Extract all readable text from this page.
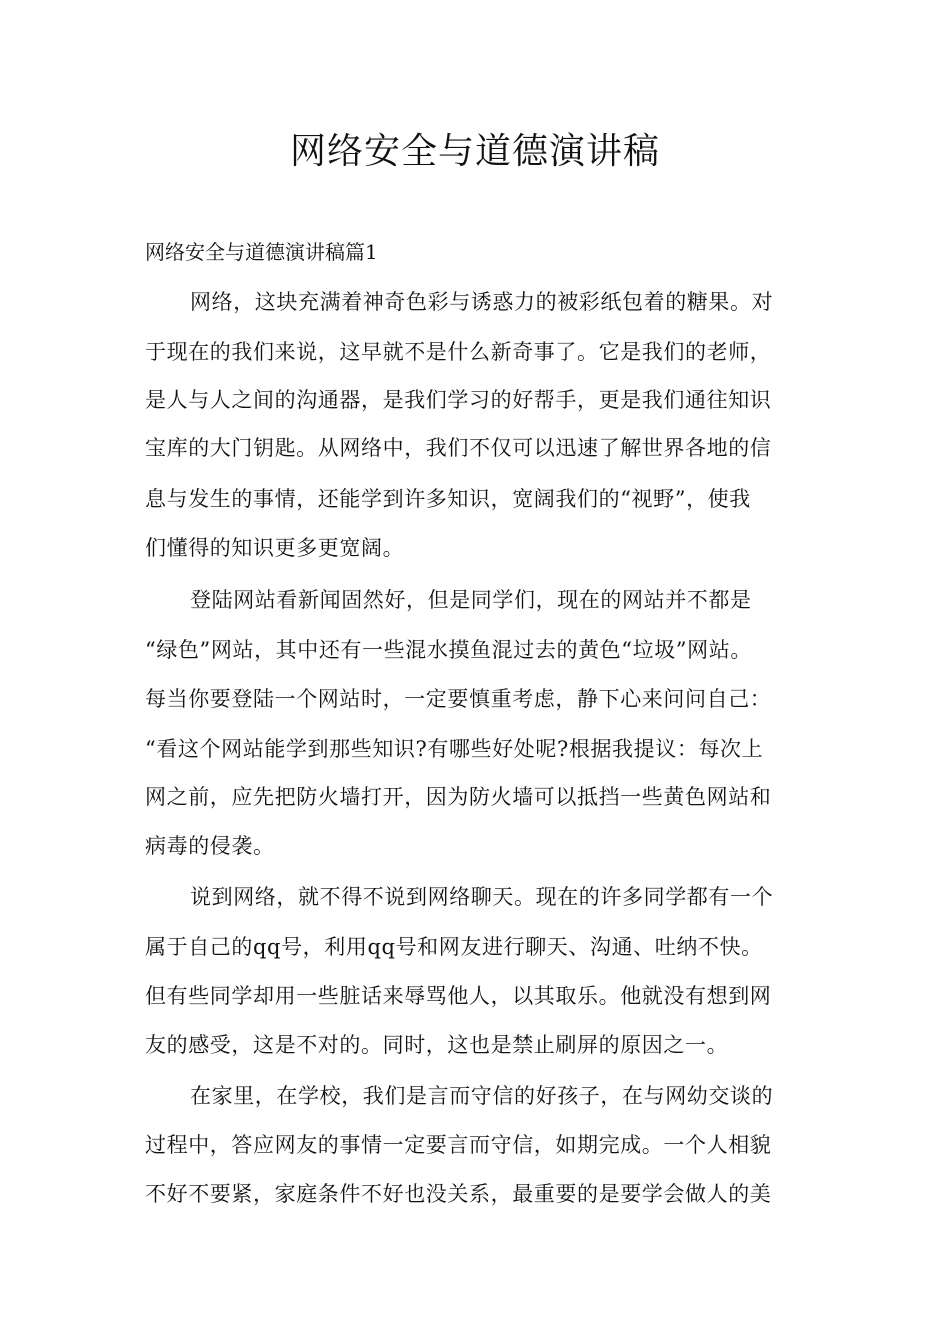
网络安全与道德演讲稿

网络安全与道德演讲稿篇1

网络，这块充满着神奇色彩与诱惑力的被彩纸包着的糖果。对

于现在的我们来说，这早就不是什么新奇事了。它是我们的老师，

是人与人之间的沟通器，是我们学习的好帮手，更是我们通往知识

宝库的大门钥匙。从网络中，我们不仅可以迅速了解世界各地的信

息与发生的事情，还能学到许多知识，宽阔我们的“视野”，使我

们懂得的知识更多更宽阔。

登陆网站看新闻固然好，但是同学们，现在的网站并不都是

“绿色”网站，其中还有一些混水摸鱼混过去的黄色“垃圾”网站。

每当你要登陆一个网站时，一定要慎重考虑，静下心来问问自己：

“看这个网站能学到那些知识?有哪些好处呢?根据我提议：每次上

网之前，应先把防火墙打开，因为防火墙可以抵挡一些黄色网站和

病毒的侵袭。

说到网络，就不得不说到网络聊天。现在的许多同学都有一个

属于自己的qq号，利用qq号和网友进行聊天、沟通、吐纳不快。

但有些同学却用一些脏话来辱骂他人，以其取乐。他就没有想到网

友的感受，这是不对的。同时，这也是禁止刷屏的原因之一。

在家里，在学校，我们是言而守信的好孩子，在与网幼交谈的

过程中，答应网友的事情一定要言而守信，如期完成。一个人相貌

不好不要紧，家庭条件不好也没关系，最重要的是要学会做人的美
